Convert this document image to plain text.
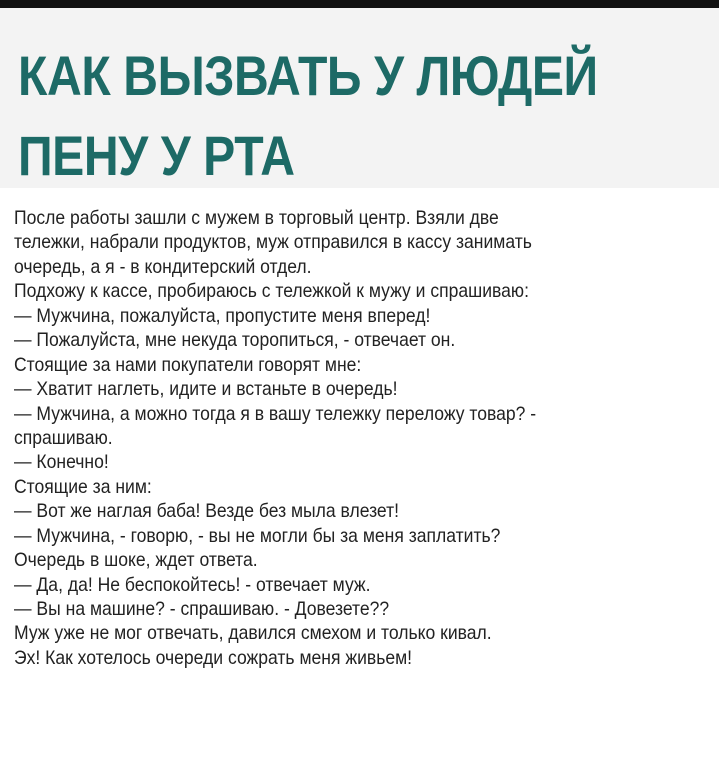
КАК ВЫЗВАТЬ У ЛЮДЕЙ
ПЕНУ У РТА
После работы зашли с мужем в торговый центр. Взяли две
тележки, набрали продуктов, муж отправился в кассу занимать
очередь, а я - в кондитерский отдел.
Подхожу к кассе, пробираюсь с тележкой к мужу и спрашиваю:
— Мужчина, пожалуйста, пропустите меня вперед!
— Пожалуйста, мне некуда торопиться, - отвечает он.
Стоящие за нами покупатели говорят мне:
— Хватит наглеть, идите и встаньте в очередь!
— Мужчина, а можно тогда я в вашу тележку переложу товар? -
спрашиваю.
— Конечно!
Стоящие за ним:
— Вот же наглая баба! Везде без мыла влезет!
— Мужчина, - говорю, - вы не могли бы за меня заплатить?
Очередь в шоке, ждет ответа.
— Да, да! Не беспокойтесь! - отвечает муж.
— Вы на машине? - спрашиваю. - Довезете??
Муж уже не мог отвечать, давился смехом и только кивал.
Эх! Как хотелось очереди сожрать меня живьем!
